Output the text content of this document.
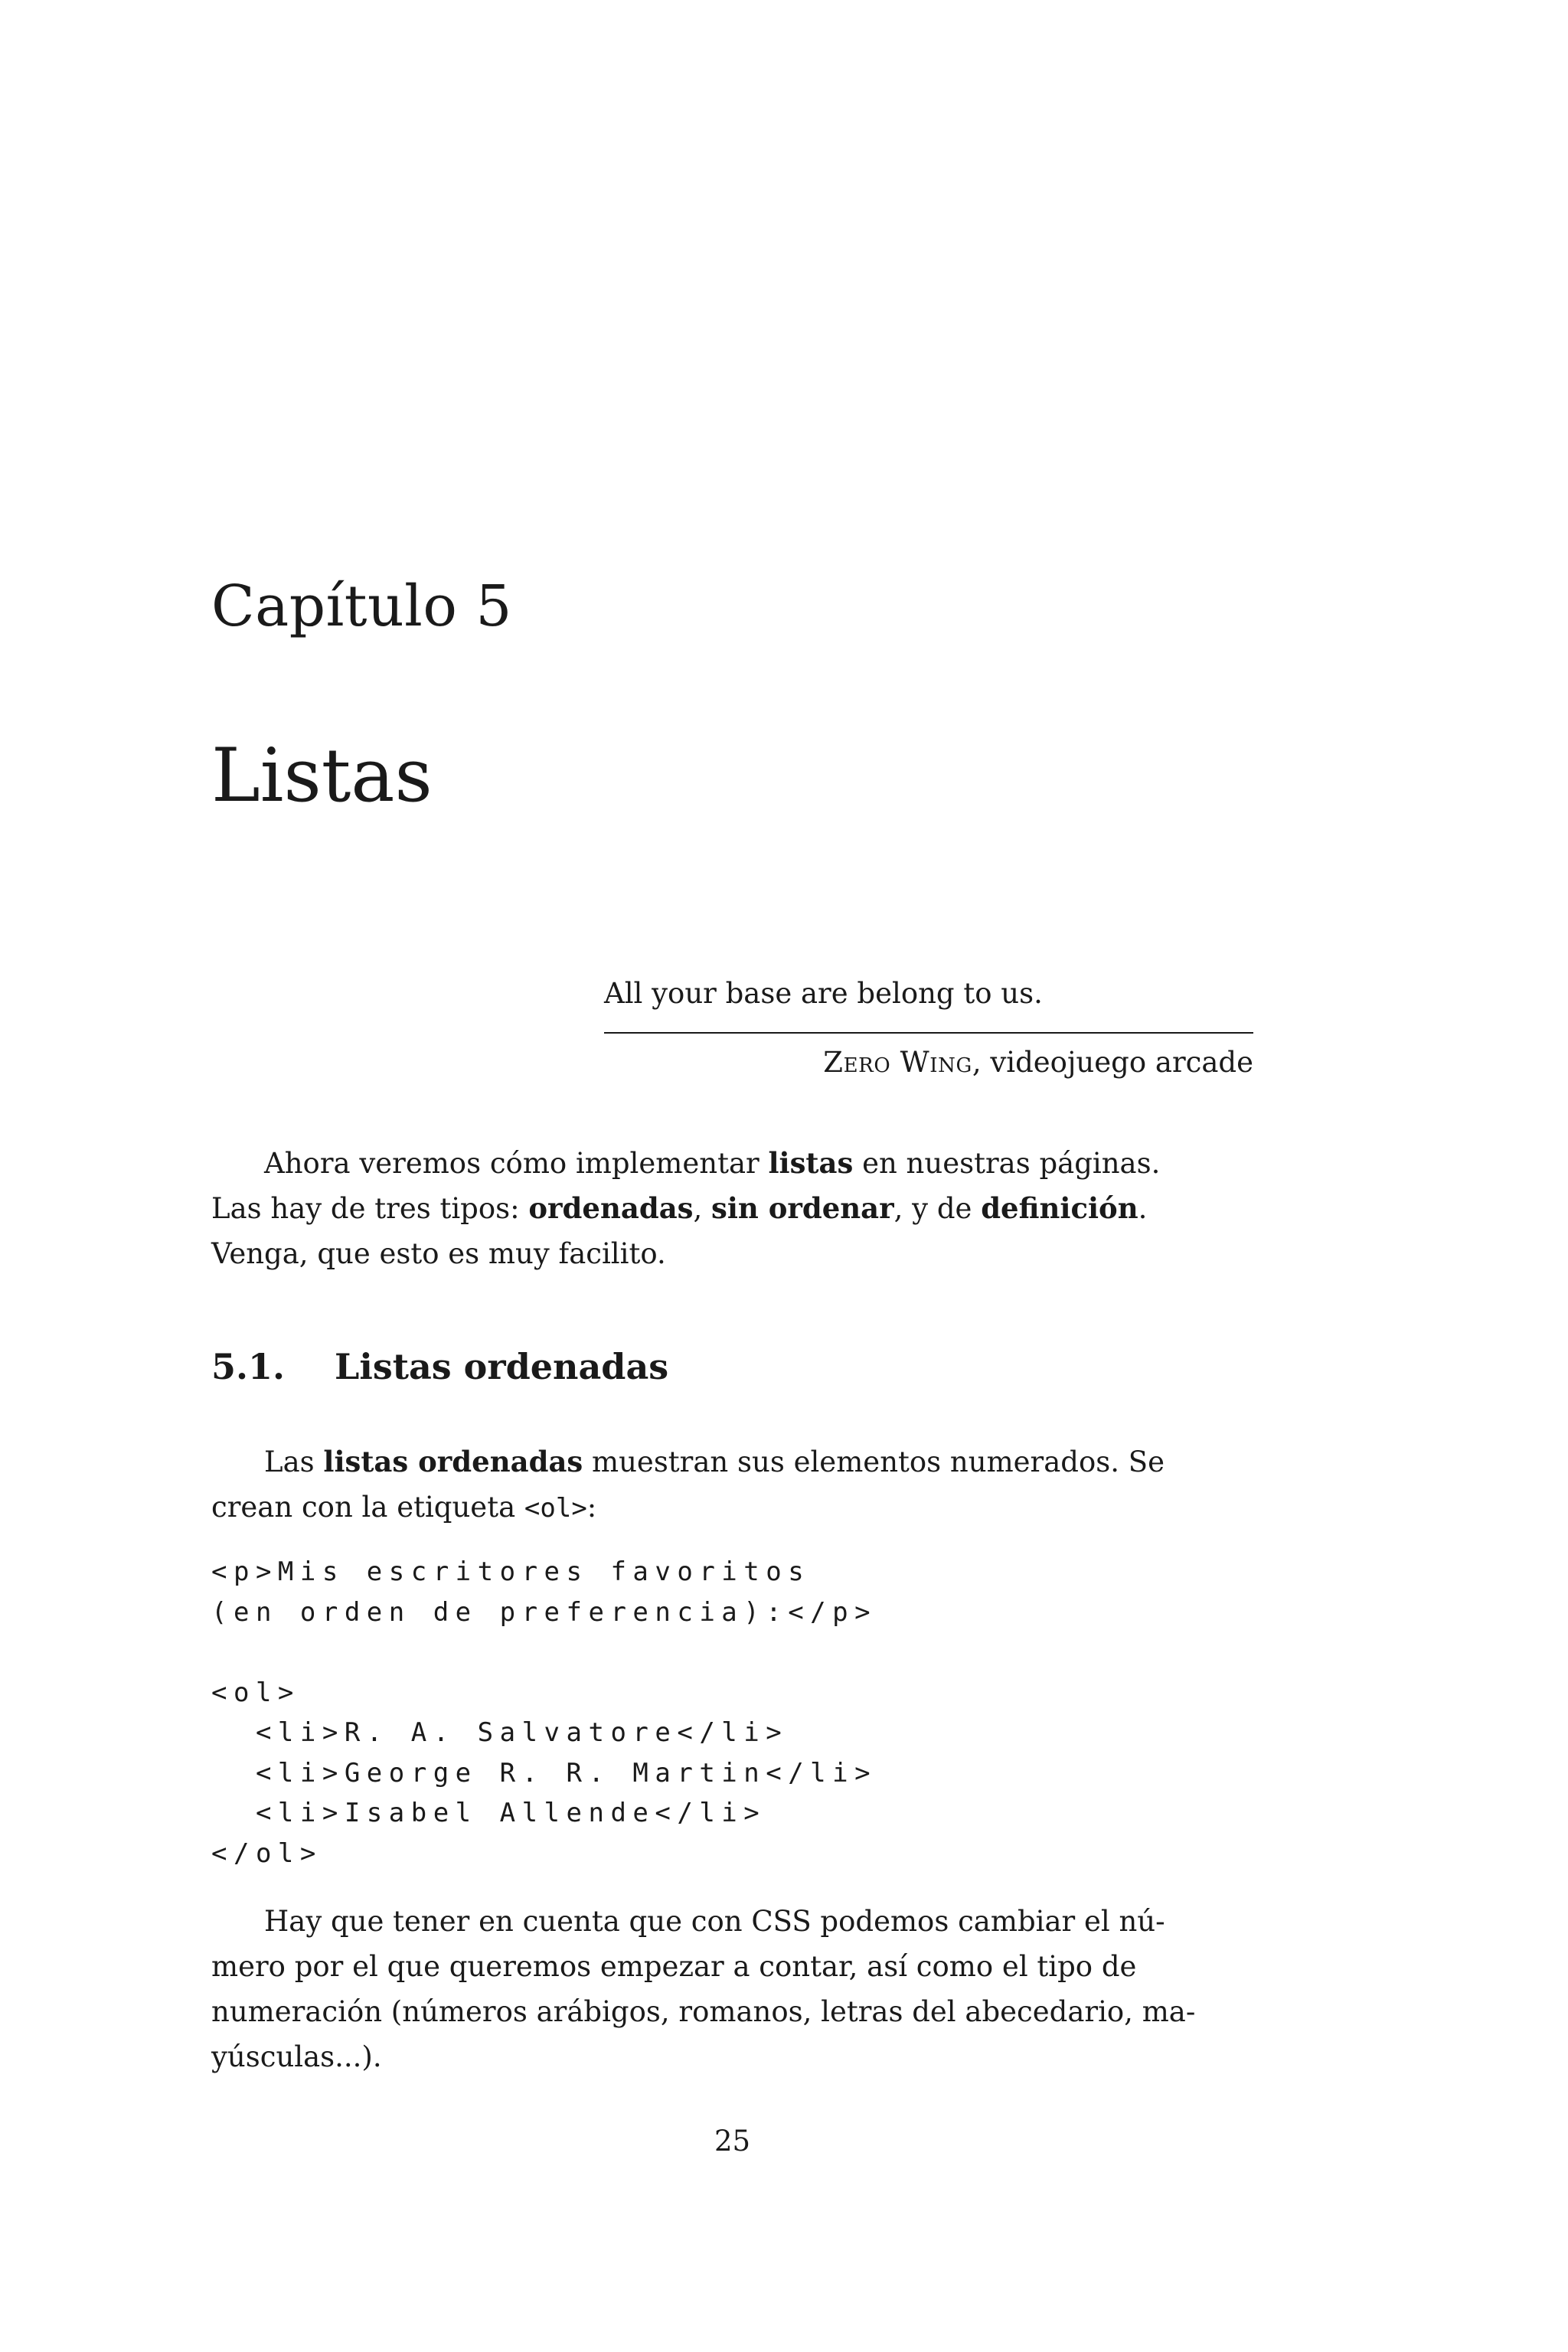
Capítulo 5
Listas
All your base are belong to us.
Zero Wing, videojuego arcade
Ahora veremos cómo implementar listas en nuestras páginas.
Las hay de tres tipos: ordenadas, sin ordenar, y de definición.
Venga, que esto es muy facilito.
5.1. Listas ordenadas
Las listas ordenadas muestran sus elementos numerados. Se
crean con la etiqueta <ol>:
<p>Mis escritores favoritos
(en orden de preferencia):</p>
<ol>
<li>R. A. Salvatore</li>
<li>George R. R. Martin</li>
<li>Isabel Allende</li>
</ol>
Hay que tener en cuenta que con CSS podemos cambiar el nú-
mero por el que queremos empezar a contar, así como el tipo de
numeración (números arábigos, romanos, letras del abecedario, ma-
yúsculas...).
25
